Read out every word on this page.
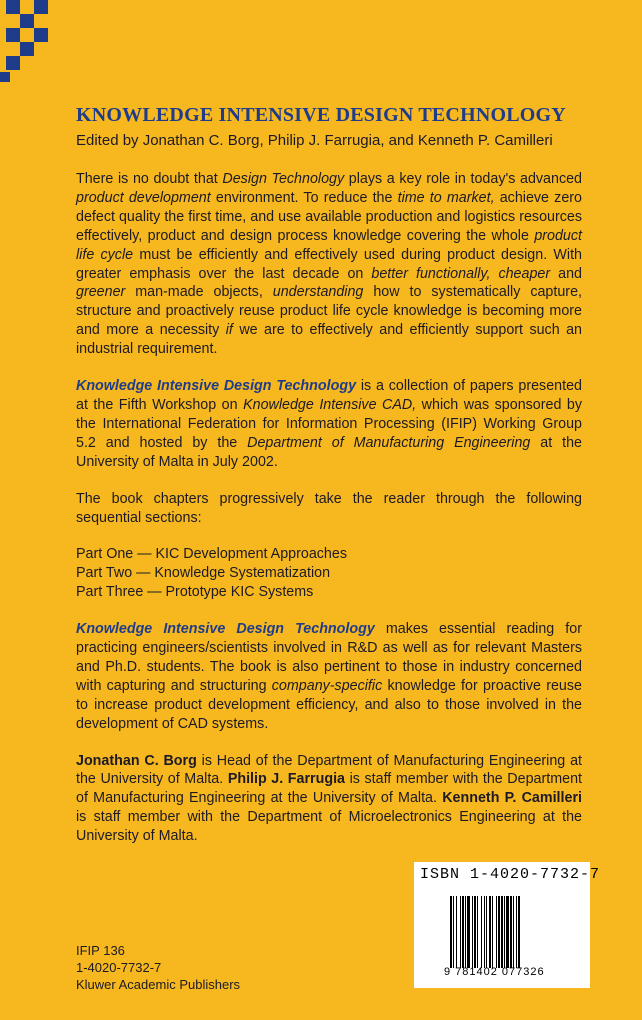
KNOWLEDGE INTENSIVE DESIGN TECHNOLOGY
Edited by Jonathan C. Borg, Philip J. Farrugia, and Kenneth P. Camilleri

There is no doubt that Design Technology plays a key role in today's advanced product development environment. To reduce the time to market, achieve zero defect quality the first time, and use available production and logistics resources effectively, product and design process knowledge covering the whole product life cycle must be efficiently and effectively used during product design. With greater emphasis over the last decade on better functionally, cheaper and greener man-made objects, understanding how to systematically capture, structure and proactively reuse product life cycle knowledge is becoming more and more a necessity if we are to effectively and efficiently support such an industrial requirement.

Knowledge Intensive Design Technology is a collection of papers presented at the Fifth Workshop on Knowledge Intensive CAD, which was sponsored by the International Federation for Information Processing (IFIP) Working Group 5.2 and hosted by the Department of Manufacturing Engineering at the University of Malta in July 2002.

The book chapters progressively take the reader through the following sequential sections:

Part One — KIC Development Approaches
Part Two — Knowledge Systematization
Part Three — Prototype KIC Systems

Knowledge Intensive Design Technology makes essential reading for practicing engineers/scientists involved in R&D as well as for relevant Masters and Ph.D. students. The book is also pertinent to those in industry concerned with capturing and structuring company-specific knowledge for proactive reuse to increase product development efficiency, and also to those involved in the development of CAD systems.

Jonathan C. Borg is Head of the Department of Manufacturing Engineering at the University of Malta. Philip J. Farrugia is staff member with the Department of Manufacturing Engineering at the University of Malta. Kenneth P. Camilleri is staff member with the Department of Microelectronics Engineering at the University of Malta.

ISBN 1-4020-7732-7
9 781402 077326
IFIP 136
1-4020-7732-7
Kluwer Academic Publishers
